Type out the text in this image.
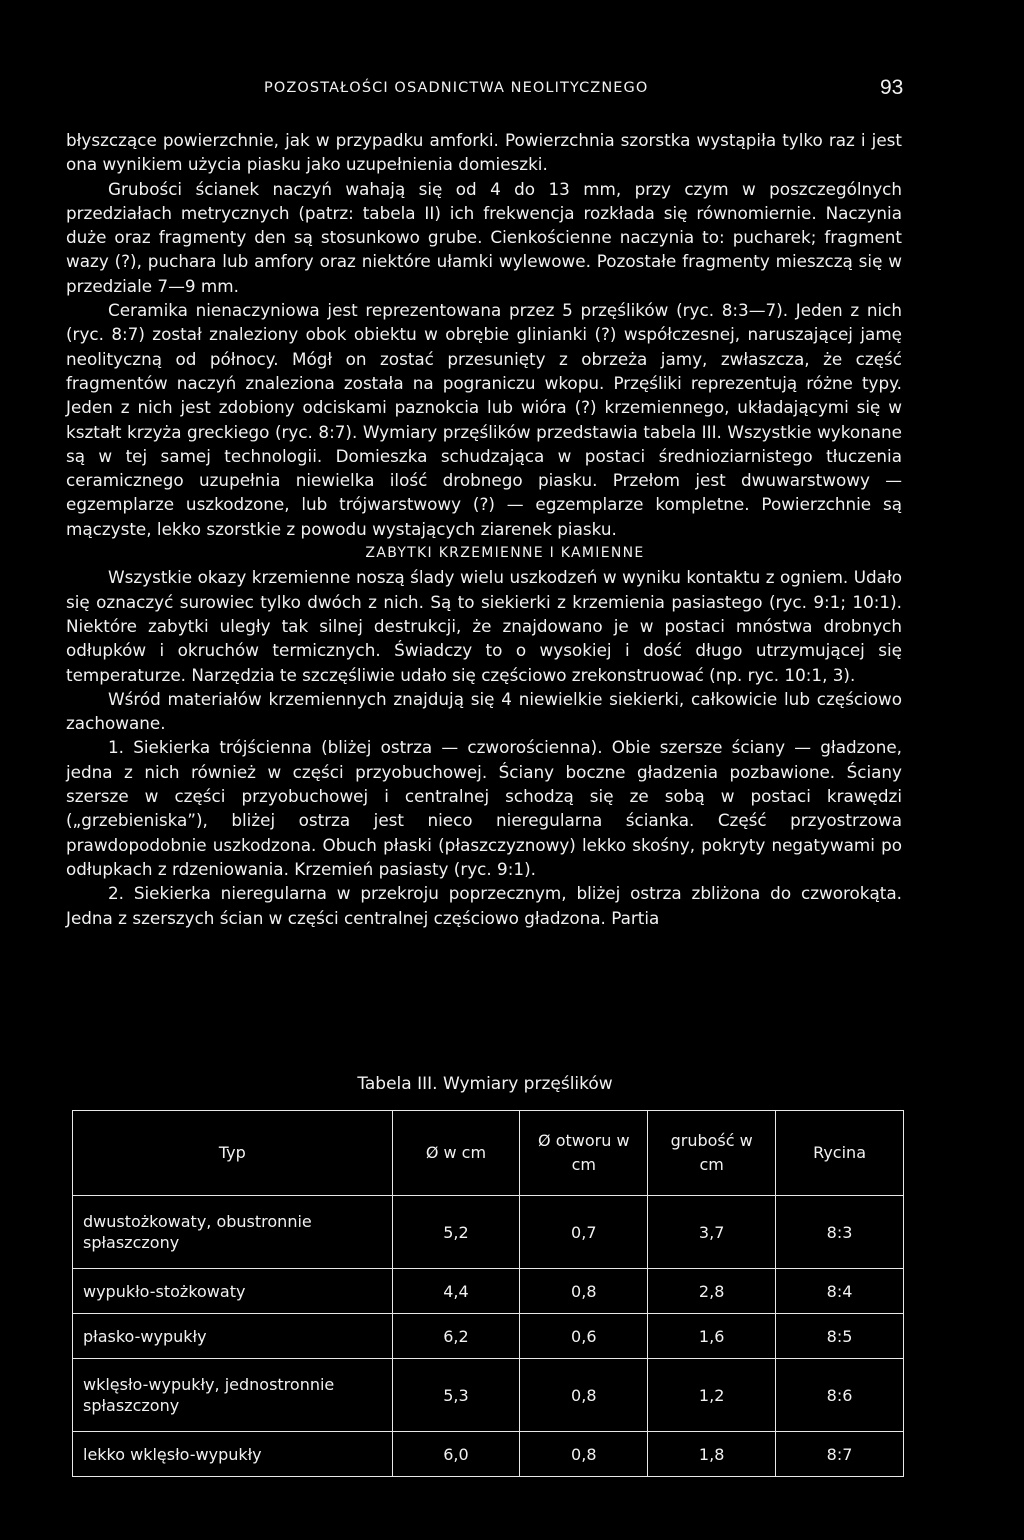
POZOSTAŁOŚCI OSADNICTWA NEOLITYCZNEGO	93

błyszczące powierzchnie, jak w przypadku amforki. Powierzchnia szorstka wystąpiła tylko raz i jest ona wynikiem użycia piasku jako uzupełnienia domieszki.

Grubości ścianek naczyń wahają się od 4 do 13 mm, przy czym w poszczególnych przedziałach metrycznych (patrz: tabela II) ich frekwencja rozkłada się równomiernie. Naczynia duże oraz fragmenty den są stosunkowo grube. Cienkościenne naczynia to: pucharek; fragment wazy (?), puchara lub amfory oraz niektóre ułamki wylewowe. Pozostałe fragmenty mieszczą się w przedziale 7—9 mm.

Ceramika nienaczyniowa jest reprezentowana przez 5 przęślików (ryc. 8:3—7). Jeden z nich (ryc. 8:7) został znaleziony obok obiektu w obrębie glinianki (?) współczesnej, naruszającej jamę neolityczną od północy. Mógł on zostać przesunięty z obrzeża jamy, zwłaszcza, że część fragmentów naczyń znaleziona została na pograniczu wkopu. Przęśliki reprezentują różne typy. Jeden z nich jest zdobiony odciskami paznokcia lub wióra (?) krzemiennego, układającymi się w kształt krzyża greckiego (ryc. 8:7). Wymiary przęślików przedstawia tabela III. Wszystkie wykonane są w tej samej technologii. Domieszka schudzająca w postaci średnioziarnistego tłuczenia ceramicznego uzupełnia niewielka ilość drobnego piasku. Przełom jest dwuwarstwowy — egzemplarze uszkodzone, lub trójwarstwowy (?) — egzemplarze kompletne. Powierzchnie są mączyste, lekko szorstkie z powodu wystających ziarenek piasku.

ZABYTKI KRZEMIENNE I KAMIENNE

Wszystkie okazy krzemienne noszą ślady wielu uszkodzeń w wyniku kontaktu z ogniem. Udało się oznaczyć surowiec tylko dwóch z nich. Są to siekierki z krzemienia pasiastego (ryc. 9:1; 10:1). Niektóre zabytki uległy tak silnej destrukcji, że znajdowano je w postaci mnóstwa drobnych odłupków i okruchów termicznych. Świadczy to o wysokiej i dość długo utrzymującej się temperaturze. Narzędzia te szczęśliwie udało się częściowo zrekonstruować (np. ryc. 10:1, 3).

Wśród materiałów krzemiennych znajdują się 4 niewielkie siekierki, całkowicie lub częściowo zachowane.

1. Siekierka trójścienna (bliżej ostrza — czworościenna). Obie szersze ściany — gładzone, jedna z nich również w części przyobuchowej. Ściany boczne gładzenia pozbawione. Ściany szersze w części przyobuchowej i centralnej schodzą się ze sobą w postaci krawędzi („grzebieniska”), bliżej ostrza jest nieco nieregularna ścianka. Część przyostrzowa prawdopodobnie uszkodzona. Obuch płaski (płaszczyznowy) lekko skośny, pokryty negatywami po odłupkach z rdzeniowania. Krzemień pasiasty (ryc. 9:1).

2. Siekierka nieregularna w przekroju poprzecznym, bliżej ostrza zbliżona do czworokąta. Jedna z szerszych ścian w części centralnej częściowo gładzona. Partia

Tabela III. Wymiary przęślików
Typ	Ø w cm	Ø otworu w cm	grubość w cm	Rycina
dwustożkowaty, obustronnie spłaszczony	5,2	0,7	3,7	8:3
wypukło-stożkowaty	4,4	0,8	2,8	8:4
płasko-wypukły	6,2	0,6	1,6	8:5
wklęsło-wypukły, jednostronnie spłaszczony	5,3	0,8	1,2	8:6
lekko wklęsło-wypukły	6,0	0,8	1,8	8:7
